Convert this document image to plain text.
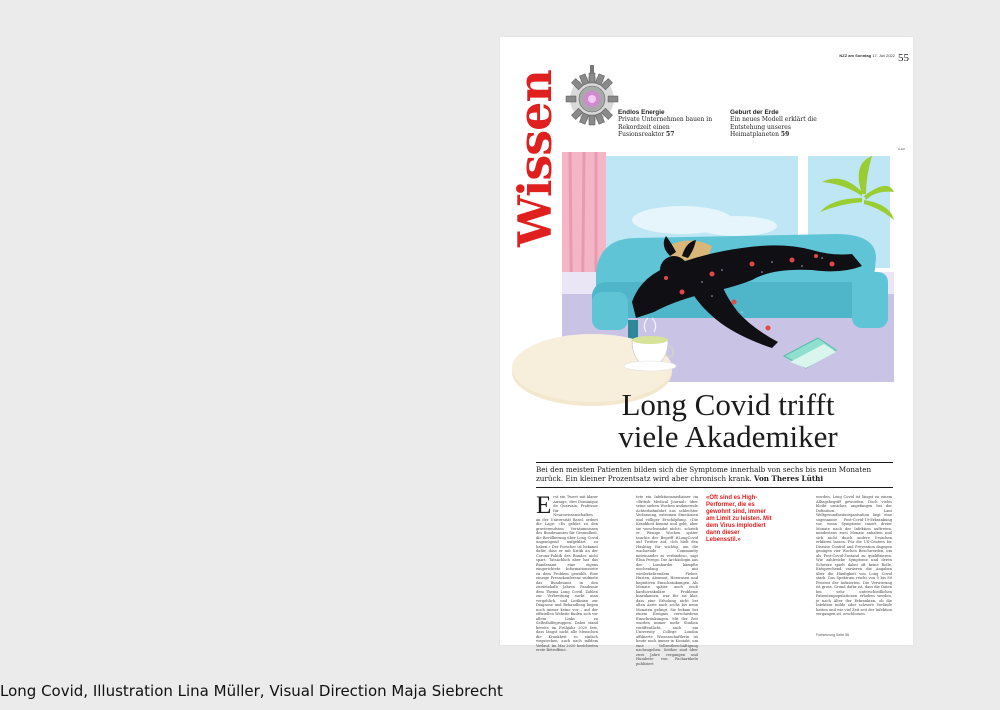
Wissen
NZZ am Sonntag 17. Juli 2022 55
Endlos Energie
Private Unternehmen bauen in Rekordzeit einen Fusionsreaktor 57
Geburt der Erde
Ein neues Modell erklärt die Entstehung unseres Heimatplaneten 59
ILLUSTRATION: LINA MÜLLER
Long Covid trifft
viele Akademiker
Bei den meisten Patienten bilden sich die Symptome innerhalb von sechs bis neun Monaten zurück. Ein kleiner Prozentsatz wird aber chronisch krank. Von Theres Lüthi
E rst ein Tweet mit klarer Ansage, drei Dominique de Quervain, Professor für Neurowissenschaften an der Universität Basel, ordnet die Lage: «Es gehört zu den gravierendsten Versäumnissen des Bundesamtes für Gesundheit, die Bevölkerung über Long Covid ungenügend aufgeklärt zu haben.» Der Forscher ist bekannt dafür, dass er mit Kritik an der Corona-Politik des Bundes nicht spart. Tatsächlich aber hat das Bundesamt eine eigens eingerichtete Informationsseite zu dem Problem gewählt. Eine einzige Pressekonferenz widmete das Bundesamt in den zweieinhalb Jahren Pandemie dem Thema Long Covid. Zahlen zur Verbreitung sucht man vergeblich, und Leitlinien zur Diagnose und Behandlung liegen noch immer keine vor – auf der offiziellen Website finden sich vor allem Links zu Selbsthilfegruppen. Dabei stand bereits im Frühjahr 2020 fest, dass längst nicht alle Menschen die Krankheit so einfach wegstecken, auch nach mildem Verlauf. Im Mai 2020 berichteten erste Betroffene.
tete ein Infektionsmediziner im «British Medical Journal» über seine sieben Wochen andauernde Achterbahnfahrt aus schlechter Verfassung, extremen Emotionen und völliger Erschöpfung. «Die Krankheit kommt und geht, aber sie verschwindet nicht», schrieb er. Wenige Wochen später tauchte der Begriff #LongCovid auf Twitter auf. «Ich hielt den Hashtag für wichtig, um die wachsende Community miteinander zu verbinden», sagt Elisa Perego. Die Archäologin aus der Lombardei kämpfte wochenlang mit wiederkehrendem Fieber, Husten, Atemnot, Herzrasen und kognitiven Einschränkungen. Als Monate später auch noch kardiovaskuläre Probleme hinzukamen, war für sie klar, dass eine Erholung nicht bei allen Ärzte nach sechs bis neun Monaten gelingt. Sie bekam bei einem Ereignis verschiedene Einschränkungen. Mit der Zeit wurden immer mehr Studien veröffentlicht, auch am University College London affiliierte Wissenschaftlerin ist heute noch immer in Kontakt, um eine Vollzeitbeschäftigung nachzugehen. Seither sind über zwei Jahre vergangen und Hunderte von Fachartikeln publiziert
«Oft sind es High-Performer, die es gewohnt sind, immer am Limit zu leisten. Mit dem Virus implodiert dann dieser Lebensstil.»
worden. Long Covid ist längst zu einem Alltagsbegriff geworden. Doch vieles bleibt unsicher, angefangen bei der Definition. Laut Weltgesundheitsorganisation liegt eine sogenannte Post-Covid-19-Erkrankung vor, wenn Symptome innert dreier Monate nach der Infektion auftreten, mindestens zwei Monate anhalten und sich nicht durch andere Ursachen erklären lassen. Für die US-Centers for Disease Control and Prevention dagegen genügen vier Wochen Beschwerden, um als Post-Covid-Zustand zu qualifizieren. Wie zahlreiche Symptome und deren Schwere spielt dabei oft keine Rolle. Entsprechend variieren die Angaben über die Häufigkeit von Long Covid stark. Das Spektrum reicht von 5 bis 80 Prozent der Infizierten. Die Verwirrung ist gross. Grund dafür ist, dass die Daten bei sehr unterschiedlichen Patientenpopulationen erhoben werden, je nach Alter der Erkrankten, ob die Infektion milde oder schwere Verläufe hatten und wie viel Zeit seit der Infektion vergangen ist, erschlossen.
Fortsetzung Seite 56
Long Covid, Illustration Lina Müller, Visual Direction Maja Siebrecht
